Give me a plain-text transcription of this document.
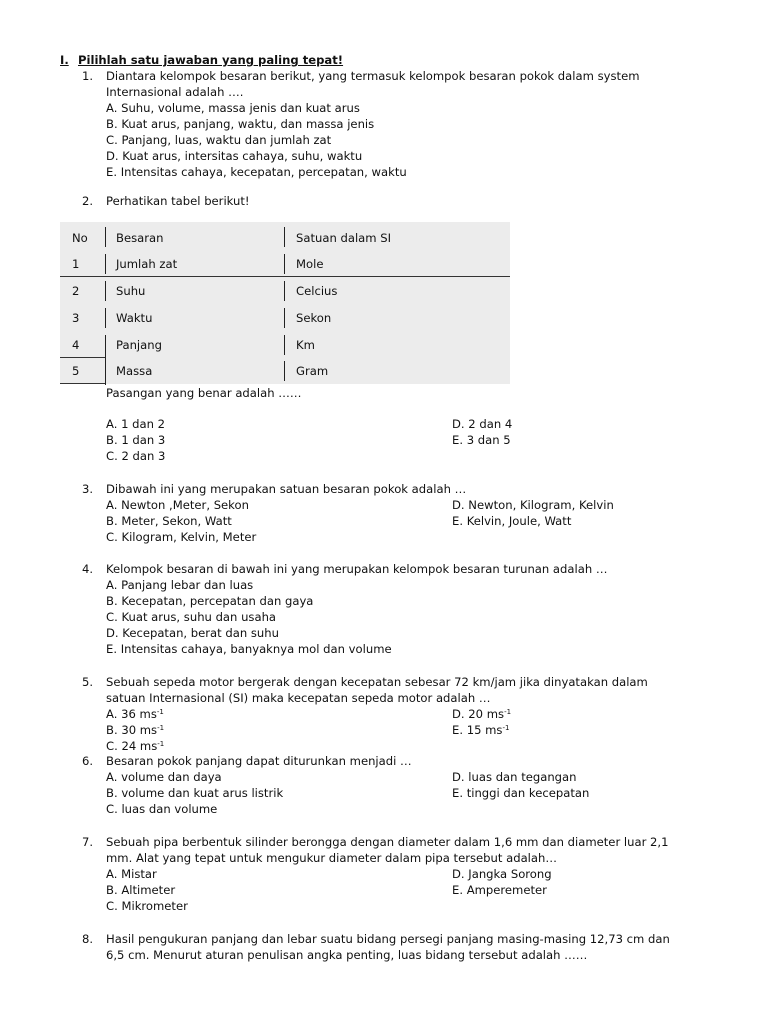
I. Pilihlah satu jawaban yang paling tepat!
1. Diantara kelompok besaran berikut, yang termasuk kelompok besaran pokok dalam system
Internasional adalah ….
A. Suhu, volume, massa jenis dan kuat arus
B. Kuat arus, panjang, waktu, dan massa jenis
C. Panjang, luas, waktu dan jumlah zat
D. Kuat arus, intersitas cahaya, suhu, waktu
E. Intensitas cahaya, kecepatan, percepatan, waktu
2. Perhatikan tabel berikut!
No Besaran	Satuan dalam SI
1	Jumlah zat	Mole
2	Suhu	Celcius
3	Waktu	Sekon
4	Panjang	Km
5	Massa	Gram
Pasangan yang benar adalah ……
A. 1 dan 2
B. 1 dan 3
C. 2 dan 3
D. 2 dan 4
E. 3 dan 5
3. Dibawah ini yang merupakan satuan besaran pokok adalah …
A. Newton ,Meter, Sekon
B. Meter, Sekon, Watt
C. Kilogram, Kelvin, Meter
D. Newton, Kilogram, Kelvin
E. Kelvin, Joule, Watt
4. Kelompok besaran di bawah ini yang merupakan kelompok besaran turunan adalah …
A. Panjang lebar dan luas
B. Kecepatan, percepatan dan gaya
C. Kuat arus, suhu dan usaha
D. Kecepatan, berat dan suhu
E. Intensitas cahaya, banyaknya mol dan volume
5. Sebuah sepeda motor bergerak dengan kecepatan sebesar 72 km/jam jika dinyatakan dalam
satuan Internasional (SI) maka kecepatan sepeda motor adalah …
A. 36 $ms^{-1}$
B. 30 $ms^{-1}$
C. 24 $ms^{-1}$
D. 20 $ms^{-1}$
E. 15 $ms^{-1}$
6. Besaran pokok panjang dapat diturunkan menjadi …
A. volume dan daya
B. volume dan kuat arus listrik
C. luas dan volume
D. luas dan tegangan
E. tinggi dan kecepatan
7. Sebuah pipa berbentuk silinder berongga dengan diameter dalam 1,6 mm dan diameter luar 2,1
mm. Alat yang tepat untuk mengukur diameter dalam pipa tersebut adalah…
A. Mistar
B. Altimeter
C. Mikrometer
D. Jangka Sorong
E. Amperemeter
8. Hasil pengukuran panjang dan lebar suatu bidang persegi panjang masing-masing 12,73 cm dan
6,5 cm. Menurut aturan penulisan angka penting, luas bidang tersebut adalah ……
